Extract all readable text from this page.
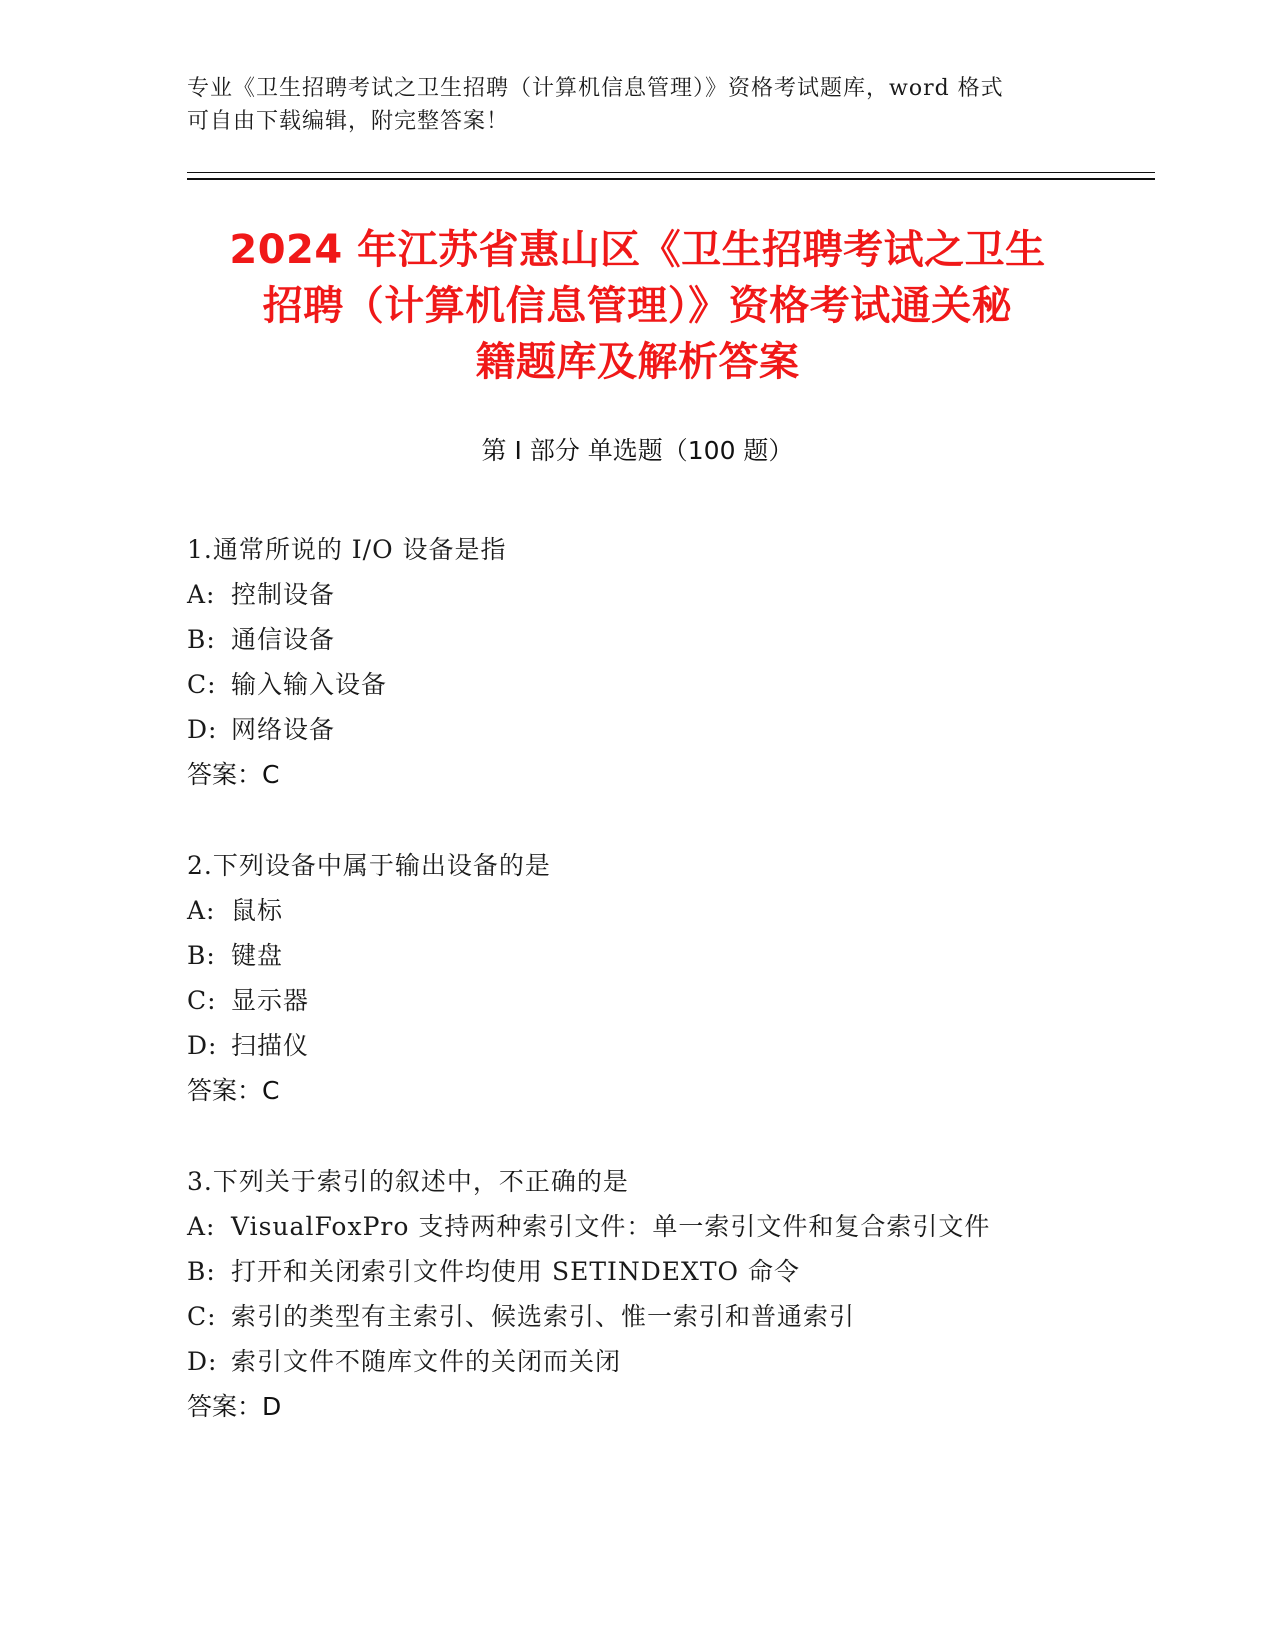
专业《卫生招聘考试之卫生招聘（计算机信息管理）》资格考试题库，word 格式
可自由下载编辑，附完整答案！
2024 年江苏省惠山区《卫生招聘考试之卫生
招聘（计算机信息管理）》资格考试通关秘
籍题库及解析答案
第 I 部分 单选题（100 题）
1.通常所说的 I/O 设备是指
A: 控制设备
B: 通信设备
C: 输入输入设备
D: 网络设备
答案：C
2.下列设备中属于输出设备的是
A: 鼠标
B: 键盘
C: 显示器
D: 扫描仪
答案：C
3.下列关于索引的叙述中，不正确的是
A: VisualFoxPro 支持两种索引文件：单一索引文件和复合索引文件
B: 打开和关闭索引文件均使用 SETINDEXTO 命令
C: 索引的类型有主索引、候选索引、惟一索引和普通索引
D: 索引文件不随库文件的关闭而关闭
答案：D
